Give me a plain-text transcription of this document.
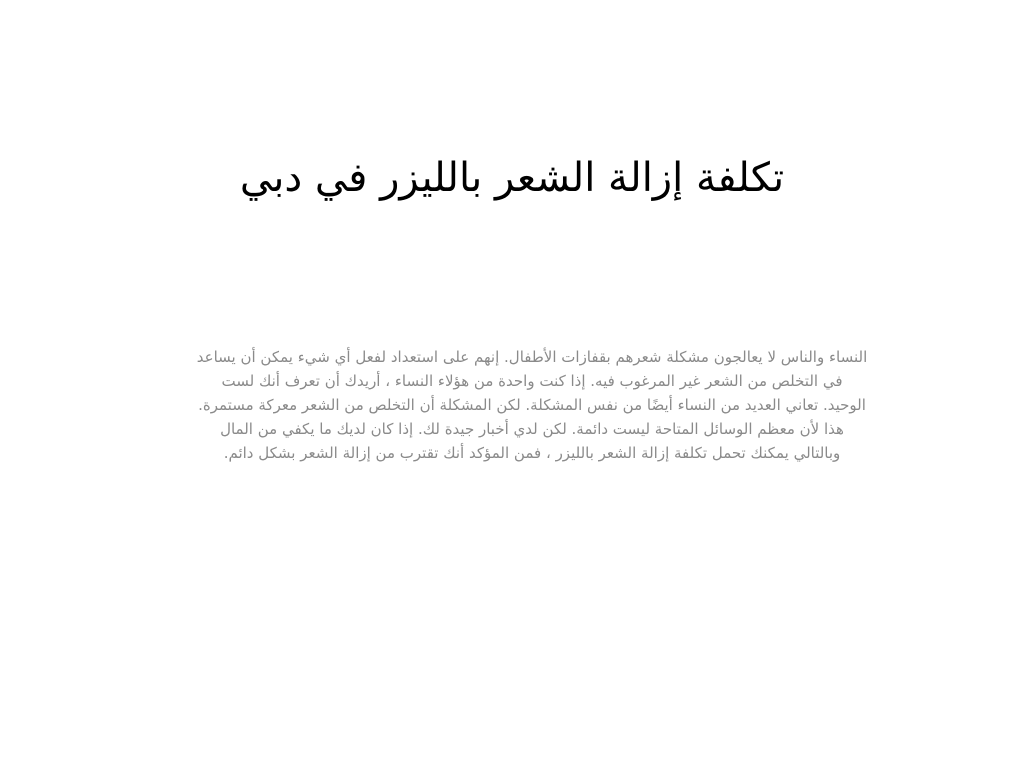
تكلفة إزالة الشعر بالليزر في دبي

النساء والناس لا يعالجون مشكلة شعرهم بقفازات الأطفال. إنهم على استعداد لفعل أي شيء يمكن أن يساعد
في التخلص من الشعر غير المرغوب فيه. إذا كنت واحدة من هؤلاء النساء ، أريدك أن تعرف أنك لست
الوحيد. تعاني العديد من النساء أيضًا من نفس المشكلة. لكن المشكلة أن التخلص من الشعر معركة مستمرة.
هذا لأن معظم الوسائل المتاحة ليست دائمة. لكن لدي أخبار جيدة لك. إذا كان لديك ما يكفي من المال
وبالتالي يمكنك تحمل تكلفة إزالة الشعر بالليزر ، فمن المؤكد أنك تقترب من إزالة الشعر بشكل دائم.
